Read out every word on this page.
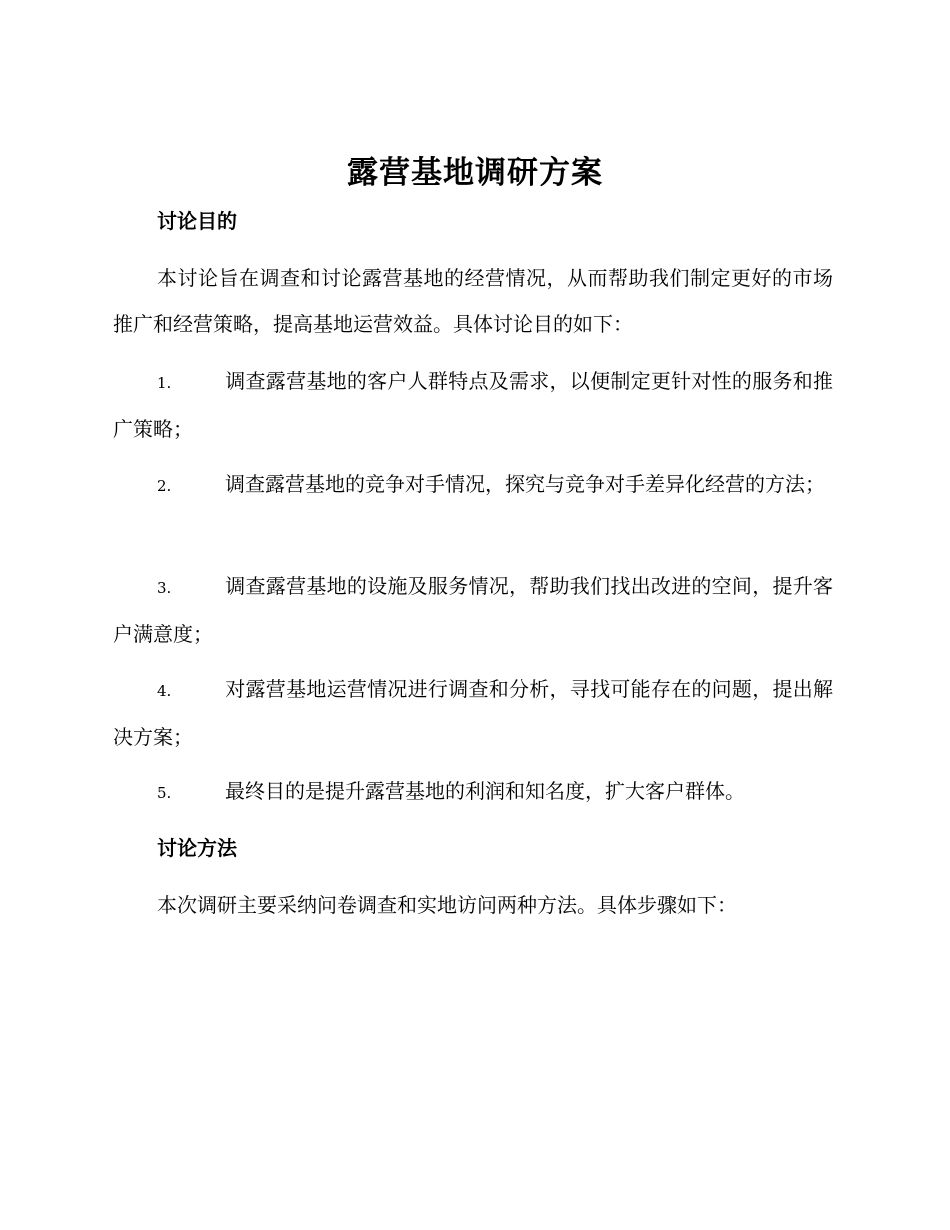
露营基地调研方案
讨论目的

本讨论旨在调查和讨论露营基地的经营情况，从而帮助我们制定更好的市场推广和经营策略，提高基地运营效益。具体讨论目的如下：

1.	调查露营基地的客户人群特点及需求，以便制定更针对性的服务和推广策略；

2.	调查露营基地的竞争对手情况，探究与竞争对手差异化经营的方法；

3.	调查露营基地的设施及服务情况，帮助我们找出改进的空间，提升客户满意度；

4.	对露营基地运营情况进行调查和分析，寻找可能存在的问题，提出解决方案；

5.	最终目的是提升露营基地的利润和知名度，扩大客户群体。

讨论方法

本次调研主要采纳问卷调查和实地访问两种方法。具体步骤如下：
